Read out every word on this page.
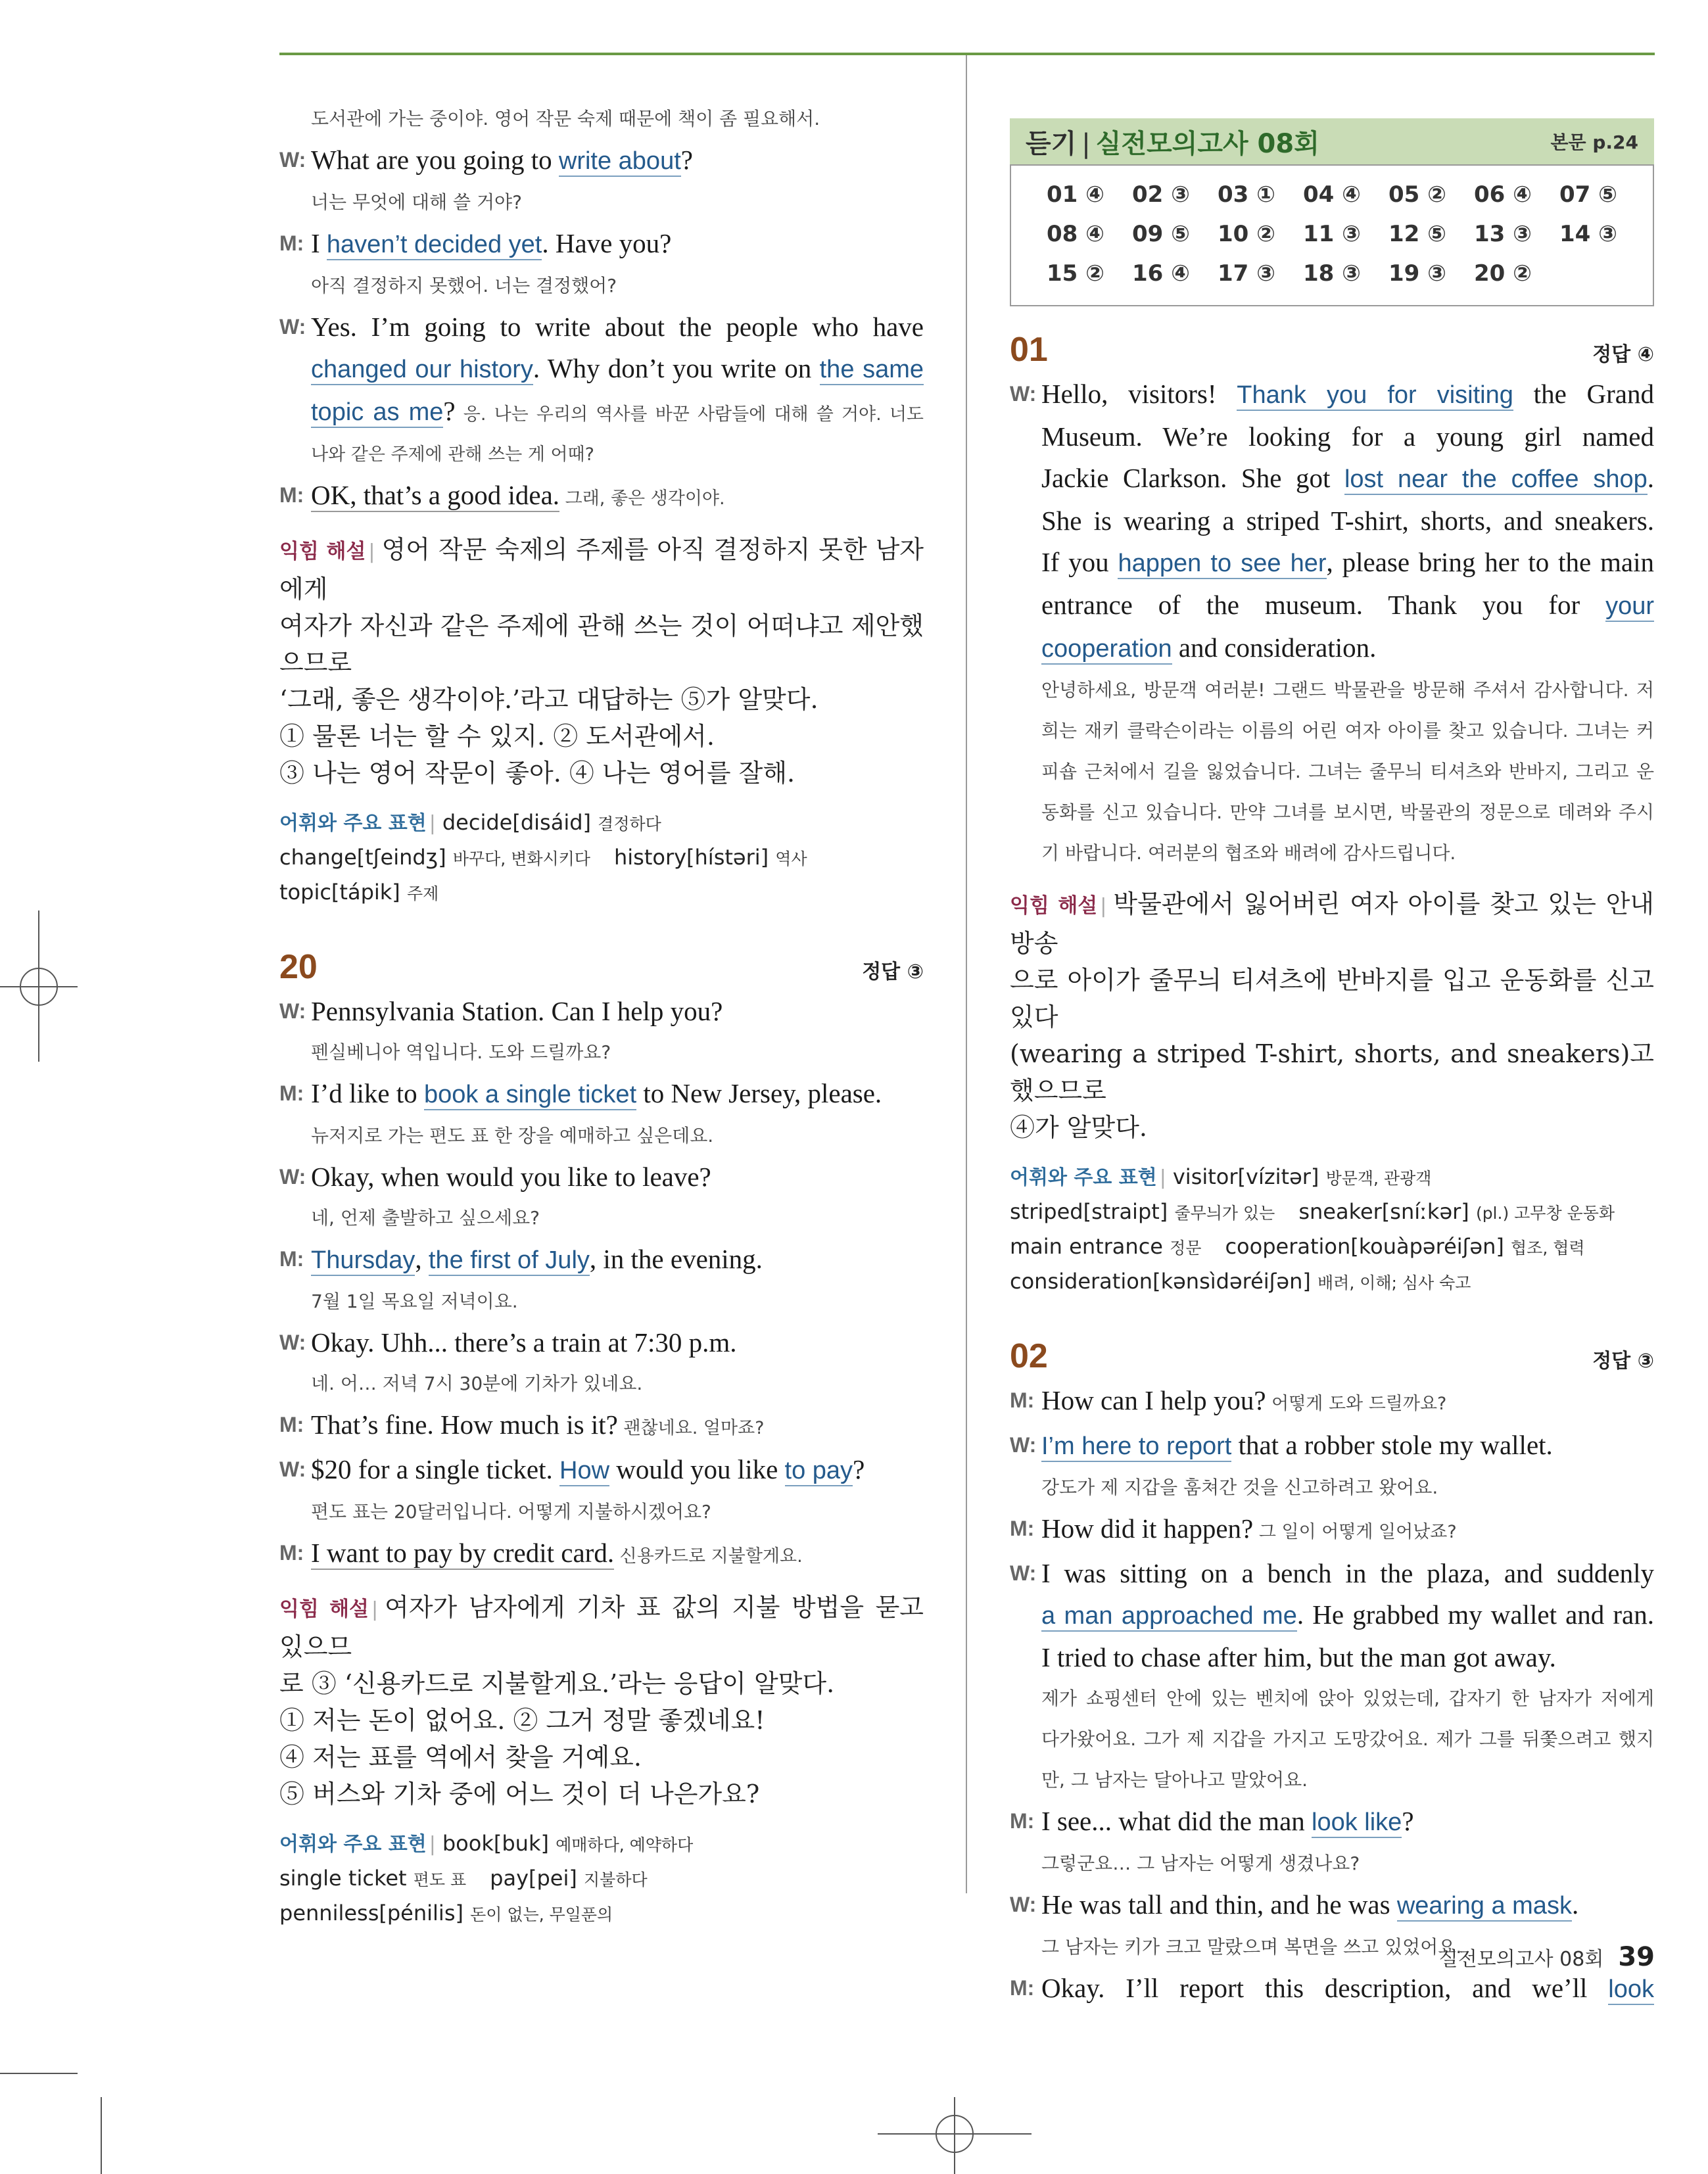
도서관에 가는 중이야. 영어 작문 숙제 때문에 책이 좀 필요해서.
W: What are you going to write about?
너는 무엇에 대해 쓸 거야?
M: I haven’t decided yet. Have you?
아직 결정하지 못했어. 너는 결정했어?
W: Yes. I’m going to write about the people who have
changed our history. Why don’t you write on the same
topic as me? 응. 나는 우리의 역사를 바꾼 사람들에 대해 쓸 거야. 너도
나와 같은 주제에 관해 쓰는 게 어때?
M: OK, that’s a good idea. 그래, 좋은 생각이야.
익힘 해설 | 영어 작문 숙제의 주제를 아직 결정하지 못한 남자에게
여자가 자신과 같은 주제에 관해 쓰는 것이 어떠냐고 제안했으므로
‘그래, 좋은 생각이야.’라고 대답하는 ⑤가 알맞다.
① 물론 너는 할 수 있지. ② 도서관에서.
③ 나는 영어 작문이 좋아. ④ 나는 영어를 잘해.
어휘와 주요 표현 | decide[disáid] 결정하다
change[tʃeindʒ] 바꾸다, 변화시키다 history[hístəri] 역사
topic[tápik] 주제
20	정답 ③
W: Pennsylvania Station. Can I help you?
펜실베니아 역입니다. 도와 드릴까요?
M: I’d like to book a single ticket to New Jersey, please.
뉴저지로 가는 편도 표 한 장을 예매하고 싶은데요.
W: Okay, when would you like to leave?
네, 언제 출발하고 싶으세요?
M: Thursday, the first of July, in the evening.
7월 1일 목요일 저녁이요.
W: Okay. Uhh... there’s a train at 7:30 p.m.
네. 어… 저녁 7시 30분에 기차가 있네요.
M: That’s fine. How much is it? 괜찮네요. 얼마죠?
W: $20 for a single ticket. How would you like to pay?
편도 표는 20달러입니다. 어떻게 지불하시겠어요?
M: I want to pay by credit card. 신용카드로 지불할게요.
익힘 해설 | 여자가 남자에게 기차 표 값의 지불 방법을 묻고 있으므
로 ③ ‘신용카드로 지불할게요.’라는 응답이 알맞다.
① 저는 돈이 없어요. ② 그거 정말 좋겠네요!
④ 저는 표를 역에서 찾을 거예요.
⑤ 버스와 기차 중에 어느 것이 더 나은가요?
어휘와 주요 표현 | book[buk] 예매하다, 예약하다
single ticket 편도 표 pay[pei] 지불하다
penniless[pénilis] 돈이 없는, 무일푼의
듣기 | 실전모의고사 08회	본문 p.24
01 ④	02 ③	03 ①	04 ④	05 ②	06 ④	07 ⑤
08 ④	09 ⑤	10 ②	11 ③	12 ⑤	13 ③	14 ③
15 ②	16 ④	17 ③	18 ③	19 ③	20 ②
01	정답 ④
W: Hello, visitors! Thank you for visiting the Grand
Museum. We’re looking for a young girl named
Jackie Clarkson. She got lost near the coffee shop.
She is wearing a striped T-shirt, shorts, and sneakers.
If you happen to see her, please bring her to the main
entrance of the museum. Thank you for your
cooperation and consideration.
안녕하세요, 방문객 여러분! 그랜드 박물관을 방문해 주셔서 감사합니다. 저
희는 재키 클락슨이라는 이름의 어린 여자 아이를 찾고 있습니다. 그녀는 커
피숍 근처에서 길을 잃었습니다. 그녀는 줄무늬 티셔츠와 반바지, 그리고 운
동화를 신고 있습니다. 만약 그녀를 보시면, 박물관의 정문으로 데려와 주시
기 바랍니다. 여러분의 협조와 배려에 감사드립니다.
익힘 해설 | 박물관에서 잃어버린 여자 아이를 찾고 있는 안내 방송
으로 아이가 줄무늬 티셔츠에 반바지를 입고 운동화를 신고 있다
(wearing a striped T-shirt, shorts, and sneakers)고 했으므로
④가 알맞다.
어휘와 주요 표현 | visitor[vízitər] 방문객, 관광객
striped[straipt] 줄무늬가 있는 sneaker[sníːkər] (pl.) 고무창 운동화
main entrance 정문 cooperation[kouàpəréiʃən] 협조, 협력
consideration[kənsìdəréiʃən] 배려, 이해; 심사 숙고
02	정답 ③
M: How can I help you? 어떻게 도와 드릴까요?
W: I’m here to report that a robber stole my wallet.
강도가 제 지갑을 훔쳐간 것을 신고하려고 왔어요.
M: How did it happen? 그 일이 어떻게 일어났죠?
W: I was sitting on a bench in the plaza, and suddenly
a man approached me. He grabbed my wallet and ran.
I tried to chase after him, but the man got away.
제가 쇼핑센터 안에 있는 벤치에 앉아 있었는데, 갑자기 한 남자가 저에게
다가왔어요. 그가 제 지갑을 가지고 도망갔어요. 제가 그를 뒤쫓으려고 했지
만, 그 남자는 달아나고 말았어요.
M: I see... what did the man look like?
그렇군요… 그 남자는 어떻게 생겼나요?
W: He was tall and thin, and he was wearing a mask.
그 남자는 키가 크고 말랐으며 복면을 쓰고 있었어요.
M: Okay. I’ll report this description, and we’ll look
실전모의고사 08회 39
